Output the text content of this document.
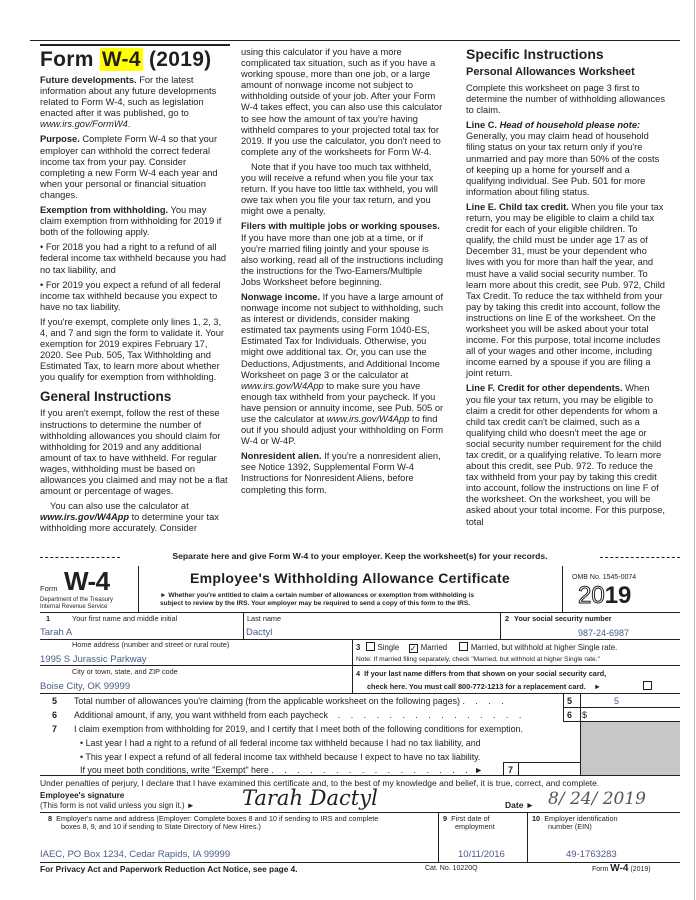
Form W-4 (2019)

Future developments. For the latest information about any future developments related to Form W-4, such as legislation enacted after it was published, go to www.irs.gov/FormW4.

Purpose. Complete Form W-4 so that your employer can withhold the correct federal income tax from your pay. Consider completing a new Form W-4 each year and when your personal or financial situation changes.

Exemption from withholding. You may claim exemption from withholding for 2019 if both of the following apply.

• For 2018 you had a right to a refund of all federal income tax withheld because you had no tax liability, and

• For 2019 you expect a refund of all federal income tax withheld because you expect to have no tax liability.

If you're exempt, complete only lines 1, 2, 3, 4, and 7 and sign the form to validate it. Your exemption for 2019 expires February 17, 2020. See Pub. 505, Tax Withholding and Estimated Tax, to learn more about whether you qualify for exemption from withholding.

General Instructions

If you aren't exempt, follow the rest of these instructions to determine the number of withholding allowances you should claim for withholding for 2019 and any additional amount of tax to have withheld. For regular wages, withholding must be based on allowances you claimed and may not be a flat amount or percentage of wages.

You can also use the calculator at www.irs.gov/W4App to determine your tax withholding more accurately. Consider

using this calculator if you have a more complicated tax situation, such as if you have a working spouse, more than one job, or a large amount of nonwage income not subject to withholding outside of your job. After your Form W-4 takes effect, you can also use this calculator to see how the amount of tax you're having withheld compares to your projected total tax for 2019. If you use the calculator, you don't need to complete any of the worksheets for Form W-4.

Note that if you have too much tax withheld, you will receive a refund when you file your tax return. If you have too little tax withheld, you will owe tax when you file your tax return, and you might owe a penalty.

Filers with multiple jobs or working spouses. If you have more than one job at a time, or if you're married filing jointly and your spouse is also working, read all of the instructions including the instructions for the Two-Earners/Multiple Jobs Worksheet before beginning.

Nonwage income. If you have a large amount of nonwage income not subject to withholding, such as interest or dividends, consider making estimated tax payments using Form 1040-ES, Estimated Tax for Individuals. Otherwise, you might owe additional tax. Or, you can use the Deductions, Adjustments, and Additional Income Worksheet on page 3 or the calculator at www.irs.gov/W4App to make sure you have enough tax withheld from your paycheck. If you have pension or annuity income, see Pub. 505 or use the calculator at www.irs.gov/W4App to find out if you should adjust your withholding on Form W-4 or W-4P.

Nonresident alien. If you're a nonresident alien, see Notice 1392, Supplemental Form W-4 Instructions for Nonresident Aliens, before completing this form.

Specific Instructions
Personal Allowances Worksheet

Complete this worksheet on page 3 first to determine the number of withholding allowances to claim.

Line C. Head of household please note: Generally, you may claim head of household filing status on your tax return only if you're unmarried and pay more than 50% of the costs of keeping up a home for yourself and a qualifying individual. See Pub. 501 for more information about filing status.

Line E. Child tax credit. When you file your tax return, you may be eligible to claim a child tax credit for each of your eligible children. To qualify, the child must be under age 17 as of December 31, must be your dependent who lives with you for more than half the year, and must have a valid social security number. To learn more about this credit, see Pub. 972, Child Tax Credit. To reduce the tax withheld from your pay by taking this credit into account, follow the instructions on line E of the worksheet. On the worksheet you will be asked about your total income. For this purpose, total income includes all of your wages and other income, including income earned by a spouse if you are filing a joint return.

Line F. Credit for other dependents. When you file your tax return, you may be eligible to claim a credit for other dependents for whom a child tax credit can't be claimed, such as a qualifying child who doesn't meet the age or social security number requirement for the child tax credit, or a qualifying relative. To learn more about this credit, see Pub. 972. To reduce the tax withheld from your pay by taking this credit into account, follow the instructions on line F of the worksheet. On the worksheet, you will be asked about your total income. For this purpose, total

Separate here and give Form W-4 to your employer. Keep the worksheet(s) for your records.
Form W-4
Department of the Treasury
Internal Revenue Service
Employee's Withholding Allowance Certificate
► Whether you're entitled to claim a certain number of allowances or exemption from withholding is
subject to review by the IRS. Your employer may be required to send a copy of this form to the IRS.
OMB No. 1545-0074
2019
1	Your first name and middle initial
Tarah A
Last name
Dactyl
2 Your social security number
987-24-6987
Home address (number and street or rural route)
1995 S Jurassic Parkway
City or town, state, and ZIP code
Boise City, OK 99999
3 Single ✓ Married	Married, but withhold at higher Single rate.
Note: If married filing separately, check "Married, but withhold at higher Single rate."
4 If your last name differs from that shown on your social security card,
check here. You must call 800-772-1213 for a replacement card. ►
5 Total number of allowances you're claiming (from the applicable worksheet on the following pages) . . . .	5	5
6 Additional amount, if any, you want withheld from each paycheck . . . . . . . . . . . . . . .	6 $
7 I claim exemption from withholding for 2019, and I certify that I meet both of the following conditions for exemption.
• Last year I had a right to a refund of all federal income tax withheld because I had no tax liability, and
• This year I expect a refund of all federal income tax withheld because I expect to have no tax liability.
If you meet both conditions, write "Exempt" here . . . . . . . . . . . . . . . . ►	7
Under penalties of perjury, I declare that I have examined this certificate and, to the best of my knowledge and belief, it is true, correct, and complete.
Employee's signature
(This form is not valid unless you sign it.) ► Tarah Dactyl	Date ► 8/ 24/ 2019
8 Employer's name and address (Employer: Complete boxes 8 and 10 if sending to IRS and complete
boxes 8, 9, and 10 if sending to State Directory of New Hires.)
IAEC, PO Box 1234, Cedar Rapids, IA 99999
9 First date of
employment
10/11/2016
10 Employer identification
number (EIN)
49-1763283
For Privacy Act and Paperwork Reduction Act Notice, see page 4.	Cat. No. 10220Q	Form W-4 (2019)
